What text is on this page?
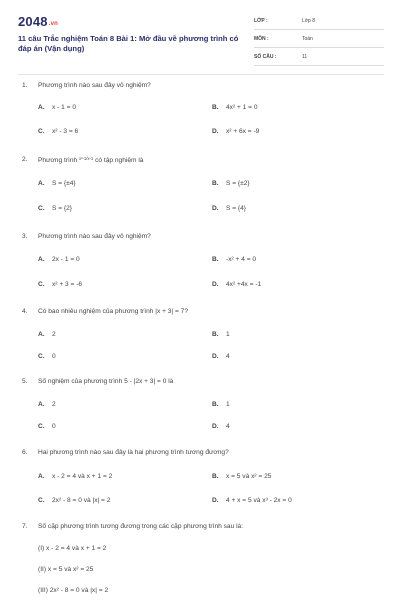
2048.vn
11 câu Trắc nghiệm Toán 8 Bài 1: Mở đầu về phương trình có đáp án (Vận dụng)
LỚP :	Lớp 8
MÔN :	Toán
SỐ CÂU :	11
1. Phương trình nào sau đây vô nghiệm?
A. x - 1 = 0	B. 4x² + 1 = 0
C. x² - 3 = 6	D. x² + 6x = -9
2. Phương trình x²-1/x-1 có tập nghiệm là
A. S = {±4}	B. S = {±2}
C. S = {2}	D. S = {4}
3. Phương trình nào sau đây vô nghiệm?
A. 2x - 1 = 0	B. -x² + 4 = 0
C. x² + 3 = -6	D. 4x² +4x = -1
4. Có bao nhiêu nghiệm của phương trình |x + 3| = 7?
A. 2	B. 1
C. 0	D. 4
5. Số nghiệm của phương trình 5 - |2x + 3| = 0 là
A. 2	B. 1
C. 0	D. 4
6. Hai phương trình nào sau đây là hai phương trình tương đương?
A. x - 2 = 4 và x + 1 = 2	B. x = 5 và x² = 25
C. 2x² - 8 = 0 và |x| = 2	D. 4 + x = 5 và x³ - 2x = 0
7. Số cặp phương trình tương đương trong các cặp phương trình sau là:
(I) x - 2 = 4 và x + 1 = 2
(II) x = 5 và x² = 25
(III) 2x² - 8 = 0 và |x| = 2
